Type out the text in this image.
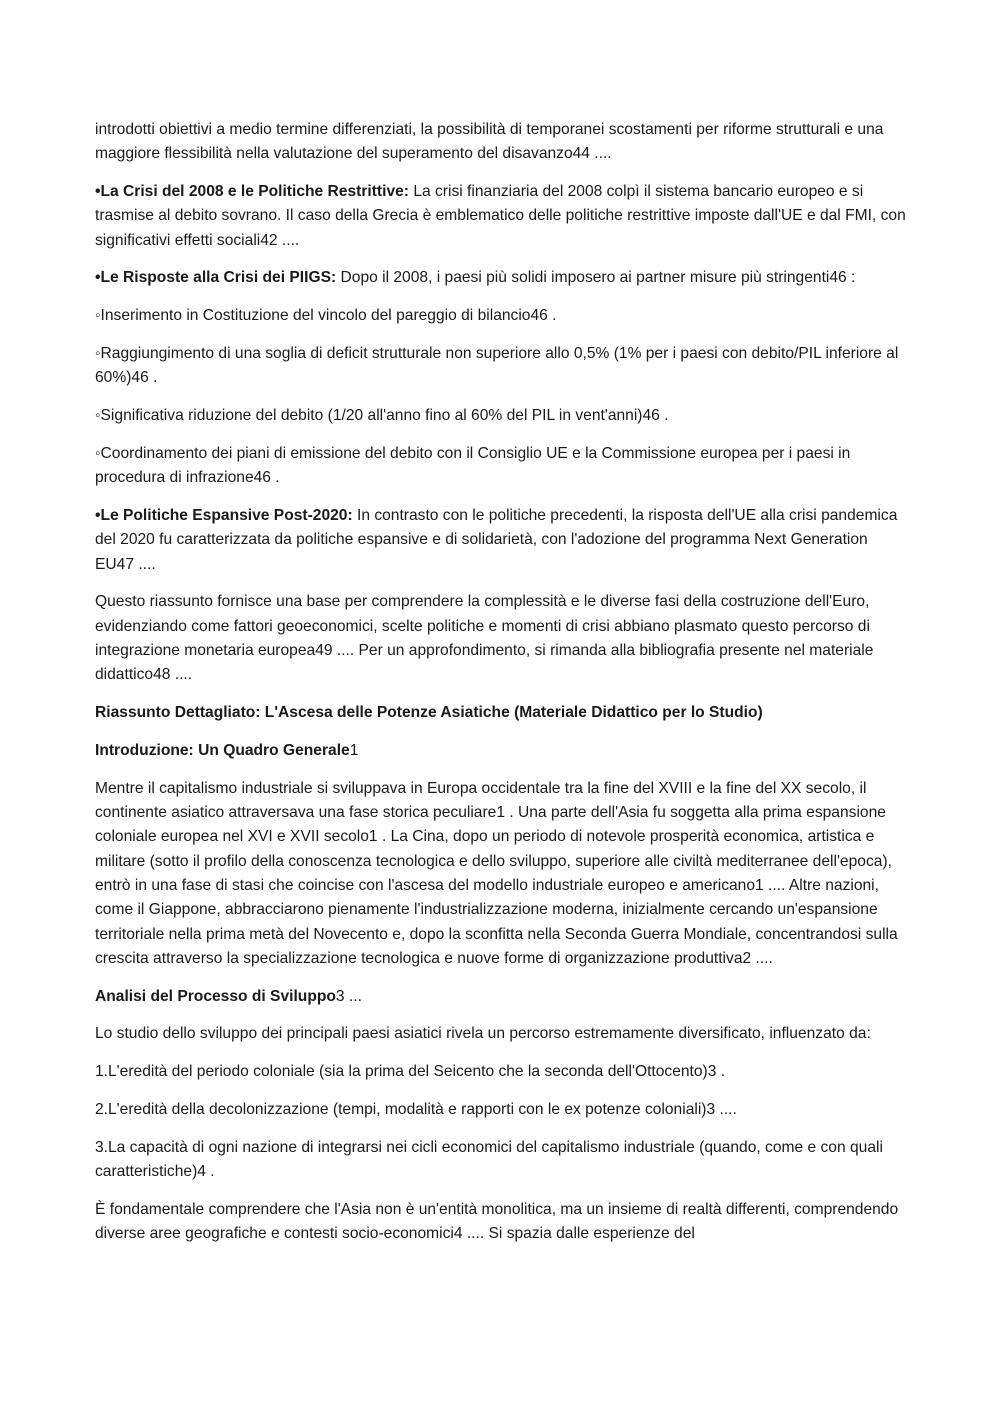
introdotti obiettivi a medio termine differenziati, la possibilità di temporanei scostamenti per riforme strutturali e una maggiore flessibilità nella valutazione del superamento del disavanzo44 ....

•La Crisi del 2008 e le Politiche Restrittive: La crisi finanziaria del 2008 colpì il sistema bancario europeo e si trasmise al debito sovrano. Il caso della Grecia è emblematico delle politiche restrittive imposte dall'UE e dal FMI, con significativi effetti sociali42 ....

•Le Risposte alla Crisi dei PIIGS: Dopo il 2008, i paesi più solidi imposero ai partner misure più stringenti46 :

◦Inserimento in Costituzione del vincolo del pareggio di bilancio46 .

◦Raggiungimento di una soglia di deficit strutturale non superiore allo 0,5% (1% per i paesi con debito/PIL inferiore al 60%)46 .

◦Significativa riduzione del debito (1/20 all'anno fino al 60% del PIL in vent'anni)46 .

◦Coordinamento dei piani di emissione del debito con il Consiglio UE e la Commissione europea per i paesi in procedura di infrazione46 .

•Le Politiche Espansive Post-2020: In contrasto con le politiche precedenti, la risposta dell'UE alla crisi pandemica del 2020 fu caratterizzata da politiche espansive e di solidarietà, con l'adozione del programma Next Generation EU47 ....

Questo riassunto fornisce una base per comprendere la complessità e le diverse fasi della costruzione dell'Euro, evidenziando come fattori geoeconomici, scelte politiche e momenti di crisi abbiano plasmato questo percorso di integrazione monetaria europea49 .... Per un approfondimento, si rimanda alla bibliografia presente nel materiale didattico48 ....

Riassunto Dettagliato: L'Ascesa delle Potenze Asiatiche (Materiale Didattico per lo Studio)

Introduzione: Un Quadro Generale1

Mentre il capitalismo industriale si sviluppava in Europa occidentale tra la fine del XVIII e la fine del XX secolo, il continente asiatico attraversava una fase storica peculiare1 . Una parte dell'Asia fu soggetta alla prima espansione coloniale europea nel XVI e XVII secolo1 . La Cina, dopo un periodo di notevole prosperità economica, artistica e militare (sotto il profilo della conoscenza tecnologica e dello sviluppo, superiore alle civiltà mediterranee dell'epoca), entrò in una fase di stasi che coincise con l'ascesa del modello industriale europeo e americano1 .... Altre nazioni, come il Giappone, abbracciarono pienamente l'industrializzazione moderna, inizialmente cercando un'espansione territoriale nella prima metà del Novecento e, dopo la sconfitta nella Seconda Guerra Mondiale, concentrandosi sulla crescita attraverso la specializzazione tecnologica e nuove forme di organizzazione produttiva2 ....

Analisi del Processo di Sviluppo3 ...

Lo studio dello sviluppo dei principali paesi asiatici rivela un percorso estremamente diversificato, influenzato da:

1.L'eredità del periodo coloniale (sia la prima del Seicento che la seconda dell'Ottocento)3 .

2.L'eredità della decolonizzazione (tempi, modalità e rapporti con le ex potenze coloniali)3 ....

3.La capacità di ogni nazione di integrarsi nei cicli economici del capitalismo industriale (quando, come e con quali caratteristiche)4 .

È fondamentale comprendere che l'Asia non è un'entità monolitica, ma un insieme di realtà differenti, comprendendo diverse aree geografiche e contesti socio-economici4 .... Si spazia dalle esperienze del
